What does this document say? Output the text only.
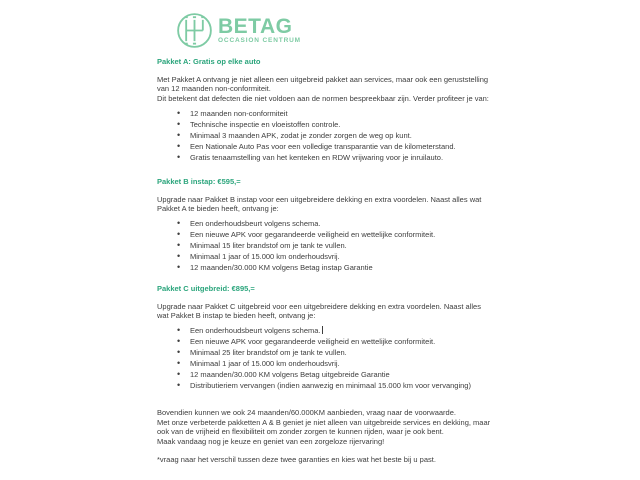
BETAG
OCCASION CENTRUM
Pakket A: Gratis op elke auto

Met Pakket A ontvang je niet alleen een uitgebreid pakket aan services, maar ook een geruststelling van 12 maanden non-conformiteit.

Dit betekent dat defecten die niet voldoen aan de normen bespreekbaar zijn. Verder profiteer je van:

• 12 maanden non-conformiteit
• Technische inspectie en vloeistoffen controle.
• Minimaal 3 maanden APK, zodat je zonder zorgen de weg op kunt.
• Een Nationale Auto Pas voor een volledige transparantie van de kilometerstand.
• Gratis tenaamstelling van het kenteken en RDW vrijwaring voor je inruilauto.
Pakket B instap: €595,=

Upgrade naar Pakket B instap voor een uitgebreidere dekking en extra voordelen. Naast alles wat Pakket A te bieden heeft, ontvang je:

• Een onderhoudsbeurt volgens schema.
• Een nieuwe APK voor gegarandeerde veiligheid en wettelijke conformiteit.
• Minimaal 15 liter brandstof om je tank te vullen.
• Minimaal 1 jaar of 15.000 km onderhoudsvrij.
• 12 maanden/30.000 KM volgens Betag instap Garantie
Pakket C uitgebreid: €895,=

Upgrade naar Pakket C uitgebreid voor een uitgebreidere dekking en extra voordelen. Naast alles wat Pakket B instap te bieden heeft, ontvang je:

• Een onderhoudsbeurt volgens schema.
• Een nieuwe APK voor gegarandeerde veiligheid en wettelijke conformiteit.
• Minimaal 25 liter brandstof om je tank te vullen.
• Minimaal 1 jaar of 15.000 km onderhoudsvrij.
• 12 maanden/30.000 KM volgens Betag uitgebreide Garantie
• Distributieriem vervangen (indien aanwezig en minimaal 15.000 km voor vervanging)

Bovendien kunnen we ook 24 maanden/60.000KM aanbieden, vraag naar de voorwaarde.

Met onze verbeterde pakketten A & B geniet je niet alleen van uitgebreide services en dekking, maar ook van de vrijheid en flexibiliteit om zonder zorgen te kunnen rijden, waar je ook bent.

Maak vandaag nog je keuze en geniet van een zorgeloze rijervaring!

*vraag naar het verschil tussen deze twee garanties en kies wat het beste bij u past.
